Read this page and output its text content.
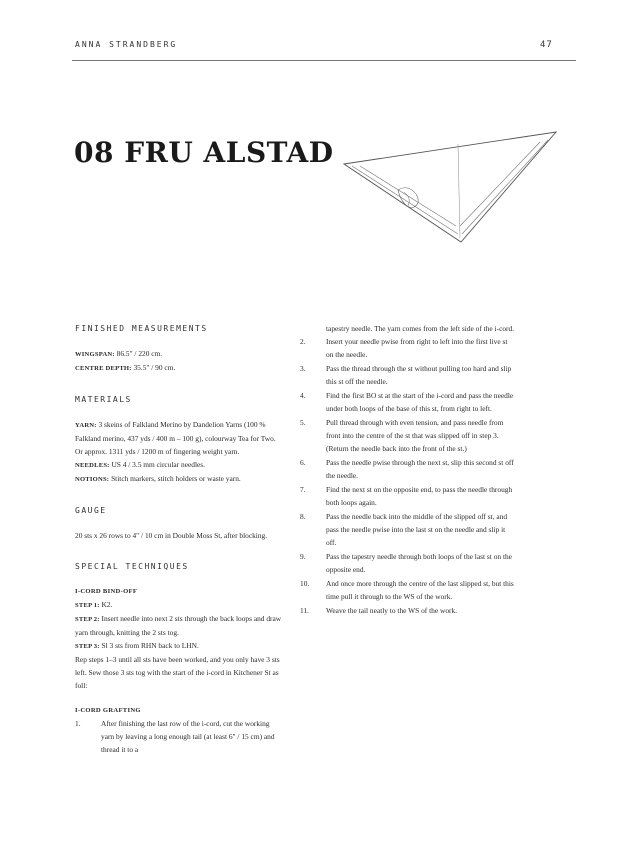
ANNA STRANDBERG	47
08 FRU ALSTAD
FINISHED MEASUREMENTS

WINGSPAN: 86.5" / 220 cm.

CENTRE DEPTH: 35.5" / 90 cm.

MATERIALS

YARN: 3 skeins of Falkland Merino by Dandelion Yarns (100 % Falkland merino, 437 yds / 400 m – 100 g), colourway Tea for Two. Or approx. 1311 yds / 1200 m of fingering weight yarn.

NEEDLES: US 4 / 3.5 mm circular needles.

NOTIONS: Stitch markers, stitch holders or waste yarn.

GAUGE

20 sts x 26 rows to 4" / 10 cm in Double Moss St, after blocking.

SPECIAL TECHNIQUES

I-CORD BIND-OFF

STEP 1: K2.

STEP 2: Insert needle into next 2 sts through the back loops and draw yarn through, knitting the 2 sts tog.

STEP 3: Sl 3 sts from RHN back to LHN.

Rep steps 1–3 until all sts have been worked, and you only have 3 sts left. Sew those 3 sts tog with the start of the i-cord in Kitchener St as foll:

I-CORD GRAFTING

1.	After finishing the last row of the i-cord, cut the working yarn by leaving a long enough tail (at least 6" / 15 cm) and thread it to a

tapestry needle. The yarn comes from the left side of the i-cord.

2.	Insert your needle pwise from right to left into the first live st on the needle.
3.	Pass the thread through the st without pulling too hard and slip this st off the needle.
4.	Find the first BO st at the start of the i-cord and pass the needle under both loops of the base of this st, from right to left.
5.	Pull thread through with even tension, and pass needle from front into the centre of the st that was slipped off in step 3. (Return the needle back into the front of the st.)
6.	Pass the needle pwise through the next st, slip this second st off the needle.
7.	Find the next st on the opposite end, to pass the needle through both loops again.
8.	Pass the needle back into the middle of the slipped off st, and pass the needle pwise into the last st on the needle and slip it off.
9.	Pass the tapestry needle through both loops of the last st on the opposite end.
10.	And once more through the centre of the last slipped st, but this time pull it through to the WS of the work.
11.	Weave the tail neatly to the WS of the work.
